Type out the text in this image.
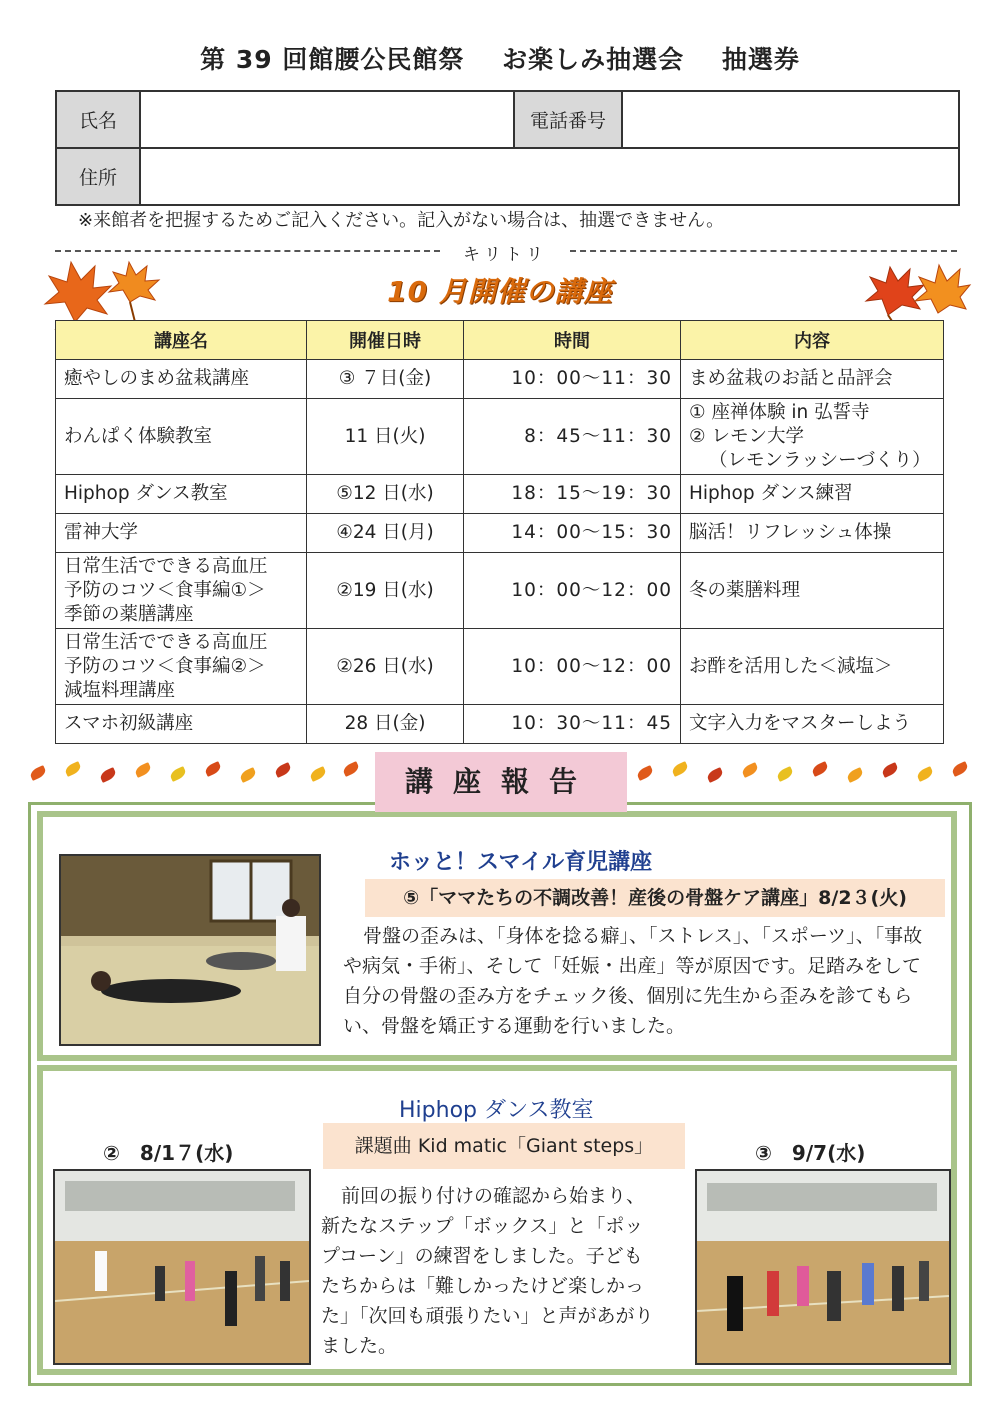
第 39 回館腰公民館祭 お楽しみ抽選会 抽選券
氏名		電話番号	
住所			
※来館者を把握するためご記入ください。記入がない場合は、抽選できません。
キリトリ
10 月開催の講座
講座名	開催日時	時間	内容

癒やしのまめ盆栽講座	③ ７日(金)	10：00～11：30	まめ盆栽のお話と品評会

わんぱく体験教室	11 日(火)	8：45～11：30	① 座禅体験 in 弘誓寺
② レモン大学
（レモンラッシーづくり）

Hiphop ダンス教室	⑤12 日(水)	18：15～19：30	Hiphop ダンス練習

雷神大学	④24 日(月)	14：00～15：30	脳活！リフレッシュ体操

日常生活でできる高血圧
予防のコツ＜食事編①＞
季節の薬膳講座	②19 日(水)	10：00～12：00	冬の薬膳料理

日常生活でできる高血圧
予防のコツ＜食事編②＞
減塩料理講座	②26 日(水)	10：00～12：00	お酢を活用した＜減塩＞

スマホ初級講座	28 日(金)	10：30～11：45	文字入力をマスターしよう
ホッと！スマイル育児講座
⑤「ママたちの不調改善！産後の骨盤ケア講座」8/2３(火)
骨盤の歪みは、「身体を捻る癖」、「ストレス」、「スポーツ」、「事故
や病気・手術」、そして「妊娠・出産」等が原因です。足踏みをして
自分の骨盤の歪み方をチェック後、個別に先生から歪みを診てもら
い、骨盤を矯正する運動を行いました。
Hiphop ダンス教室
課題曲 Kid matic「Giant steps」
②　8/1７(水)	③　9/7(水)
前回の振り付けの確認から始まり、
新たなステップ「ボックス」と「ポッ
プコーン」の練習をしました。子ども
たちからは「難しかったけど楽しかっ
た」「次回も頑張りたい」と声があがり
ました。
講座報告
